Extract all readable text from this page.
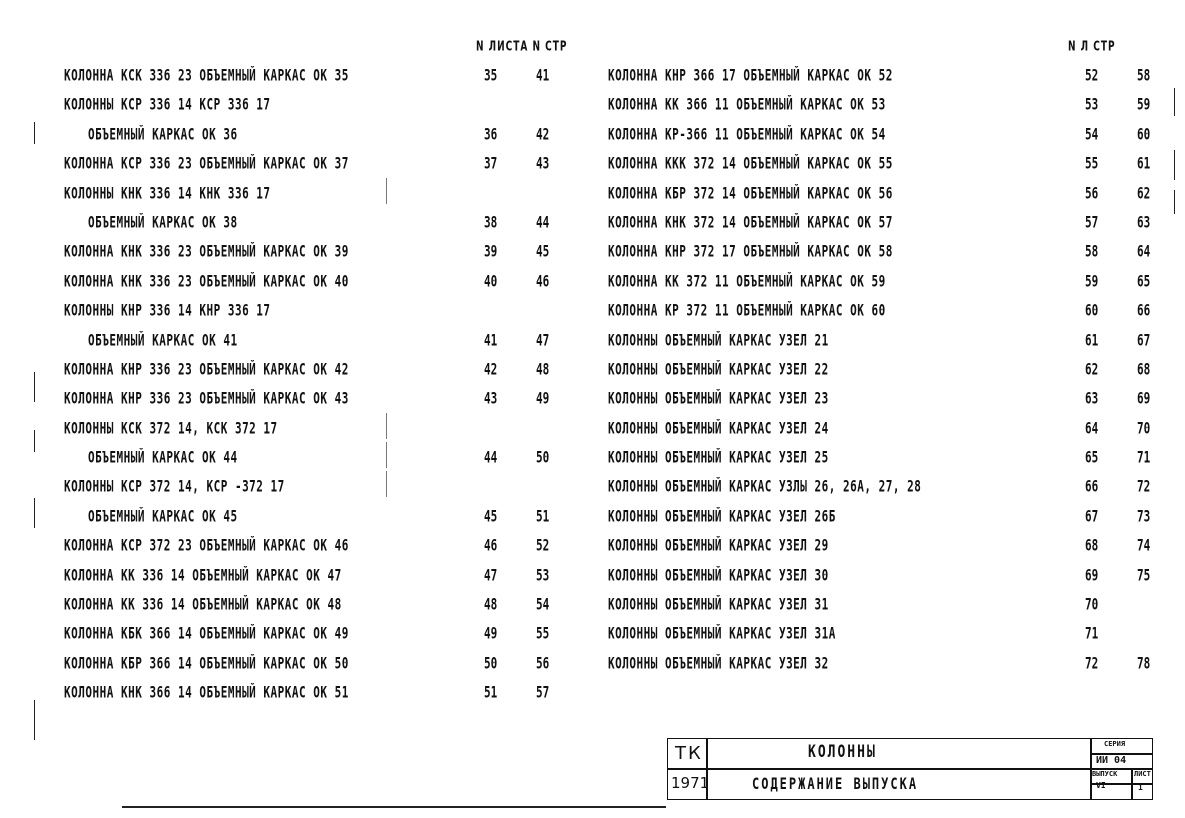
N ЛИСТА N СТР	N Л СТР
КОЛОННА КСК 336 23 ОБЪЕМНЫЙ КАРКАС ОК 35	35	41
КОЛОННЫ КСР 336 14 КСР 336 17
ОБЪЕМНЫЙ КАРКАС ОК 36	36	42
КОЛОННА КСР 336 23 ОБЪЕМНЫЙ КАРКАС ОК 37	37	43
КОЛОННЫ КНК 336 14 КНК 336 17
ОБЪЕМНЫЙ КАРКАС ОК 38	38	44
КОЛОННА КНК 336 23 ОБЪЕМНЫЙ КАРКАС ОК 39	39	45
КОЛОННА КНК 336 23 ОБЪЕМНЫЙ КАРКАС ОК 40	40	46
КОЛОННЫ КНР 336 14 КНР 336 17
ОБЪЕМНЫЙ КАРКАС ОК 41	41	47
КОЛОННА КНР 336 23 ОБЪЕМНЫЙ КАРКАС ОК 42	42	48
КОЛОННА КНР 336 23 ОБЪЕМНЫЙ КАРКАС ОК 43	43	49
КОЛОННЫ КСК 372 14, КСК 372 17
ОБЪЕМНЫЙ КАРКАС ОК 44	44	50
КОЛОННЫ КСР 372 14, КСР -372 17
ОБЪЕМНЫЙ КАРКАС ОК 45	45	51
КОЛОННА КСР 372 23 ОБЪЕМНЫЙ КАРКАС ОК 46	46	52
КОЛОННА КК 336 14 ОБЪЕМНЫЙ КАРКАС ОК 47	47	53
КОЛОННА КК 336 14 ОБЪЕМНЫЙ КАРКАС ОК 48	48	54
КОЛОННА КБК 366 14 ОБЪЕМНЫЙ КАРКАС ОК 49	49	55
КОЛОННА КБР 366 14 ОБЪЕМНЫЙ КАРКАС ОК 50	50	56
КОЛОННА КНК 366 14 ОБЪЕМНЫЙ КАРКАС ОК 51	51	57
КОЛОННА КНР 366 17 ОБЪЕМНЫЙ КАРКАС ОК 52	52	58
КОЛОННА КК 366 11 ОБЪЕМНЫЙ КАРКАС ОК 53	53	59
КОЛОННА КР-366 11 ОБЪЕМНЫЙ КАРКАС ОК 54	54	60
КОЛОННА ККК 372 14 ОБЪЕМНЫЙ КАРКАС ОК 55	55	61
КОЛОННА КБР 372 14 ОБЪЕМНЫЙ КАРКАС ОК 56	56	62
КОЛОННА КНК 372 14 ОБЪЕМНЫЙ КАРКАС ОК 57	57	63
КОЛОННА КНР 372 17 ОБЪЕМНЫЙ КАРКАС ОК 58	58	64
КОЛОННА КК 372 11 ОБЪЕМНЫЙ КАРКАС ОК 59	59	65
КОЛОННА КР 372 11 ОБЪЕМНЫЙ КАРКАС ОК 60	60	66
КОЛОННЫ ОБЪЕМНЫЙ КАРКАС УЗЕЛ 21	61	67
КОЛОННЫ ОБЪЕМНЫЙ КАРКАС УЗЕЛ 22	62	68
КОЛОННЫ ОБЪЕМНЫЙ КАРКАС УЗЕЛ 23	63	69
КОЛОННЫ ОБЪЕМНЫЙ КАРКАС УЗЕЛ 24	64	70
КОЛОННЫ ОБЪЕМНЫЙ КАРКАС УЗЕЛ 25	65	71
КОЛОННЫ ОБЪЕМНЫЙ КАРКАС УЗЛЫ 26, 26А, 27, 28	66	72
КОЛОННЫ ОБЪЕМНЫЙ КАРКАС УЗЕЛ 26Б	67	73
КОЛОННЫ ОБЪЕМНЫЙ КАРКАС УЗЕЛ 29	68	74
КОЛОННЫ ОБЪЕМНЫЙ КАРКАС УЗЕЛ 30	69	75
КОЛОННЫ ОБЪЕМНЫЙ КАРКАС УЗЕЛ 31	70
КОЛОННЫ ОБЪЕМНЫЙ КАРКАС УЗЕЛ 31А	71
КОЛОННЫ ОБЪЕМНЫЙ КАРКАС УЗЕЛ 32	72	78
ТК
1971
КОЛОННЫ
СОДЕРЖАНИЕ ВЫПУСКА
СЕРИЯ
ИИ 04
ВЫПУСК
VI
ЛИСТ
1
